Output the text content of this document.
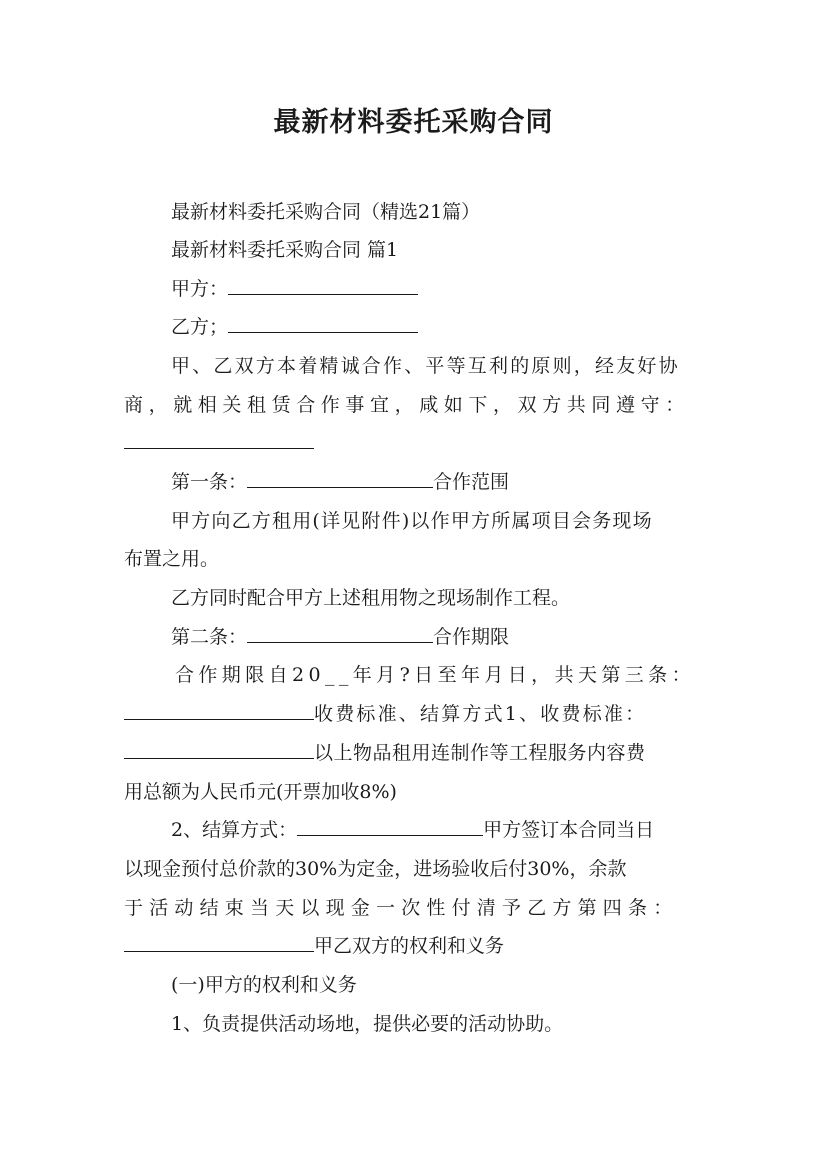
最新材料委托采购合同
最新材料委托采购合同（精选21篇）
最新材料委托采购合同 篇1
甲方：
乙方；
甲、乙双方本着精诚合作、平等互利的原则，经友好协
商，就相关租赁合作事宜，咸如下，双方共同遵守：
第一条：	合作范围
甲方向乙方租用(详见附件)以作甲方所属项目会务现场
布置之用。
乙方同时配合甲方上述租用物之现场制作工程。
第二条：	合作期限
合作期限自20__年月?日至年月日，共天第三条：
收费标准、结算方式1、收费标准：
以上物品租用连制作等工程服务内容费
用总额为人民币元(开票加收8%)
2、结算方式：	甲方签订本合同当日
以现金预付总价款的30%为定金，进场验收后付30%，余款
于活动结束当天以现金一次性付清予乙方第四条：
甲乙双方的权利和义务
(一)甲方的权利和义务
1、负责提供活动场地，提供必要的活动协助。
